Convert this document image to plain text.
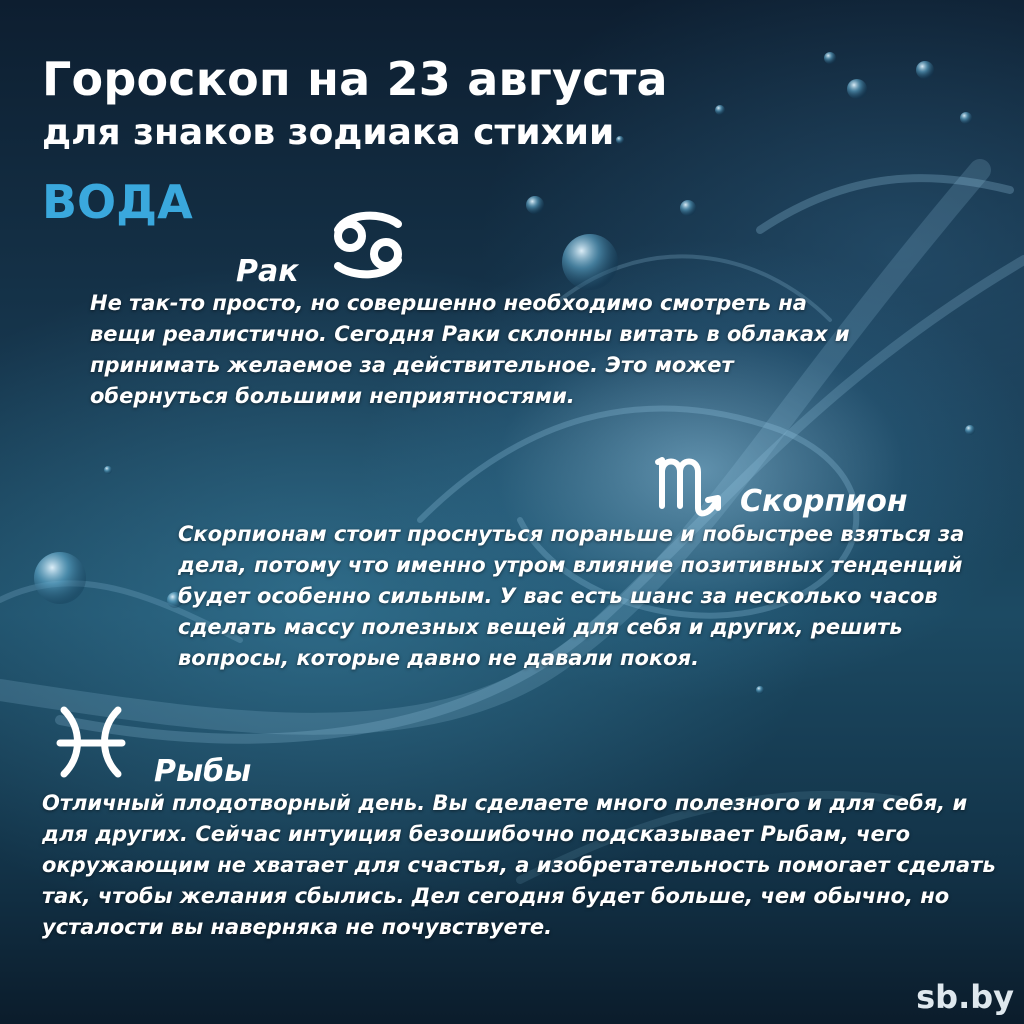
Гороскоп на 23 августа
для знаков зодиака стихии
ВОДА
Рак
Не так-то просто, но совершенно необходимо смотреть на вещи реалистично. Сегодня Раки склонны витать в облаках и принимать желаемое за действительное. Это может обернуться большими неприятностями.
Скорпион
Скорпионам стоит проснуться пораньше и побыстрее взяться за дела, потому что именно утром влияние позитивных тенденций будет особенно сильным. У вас есть шанс за несколько часов сделать массу полезных вещей для себя и других, решить вопросы, которые давно не давали покоя.
Рыбы
Отличный плодотворный день. Вы сделаете много полезного и для себя, и для других. Сейчас интуиция безошибочно подсказывает Рыбам, чего окружающим не хватает для счастья, а изобретательность помогает сделать так, чтобы желания сбылись. Дел сегодня будет больше, чем обычно, но усталости вы наверняка не почувствуете.
sb.by
